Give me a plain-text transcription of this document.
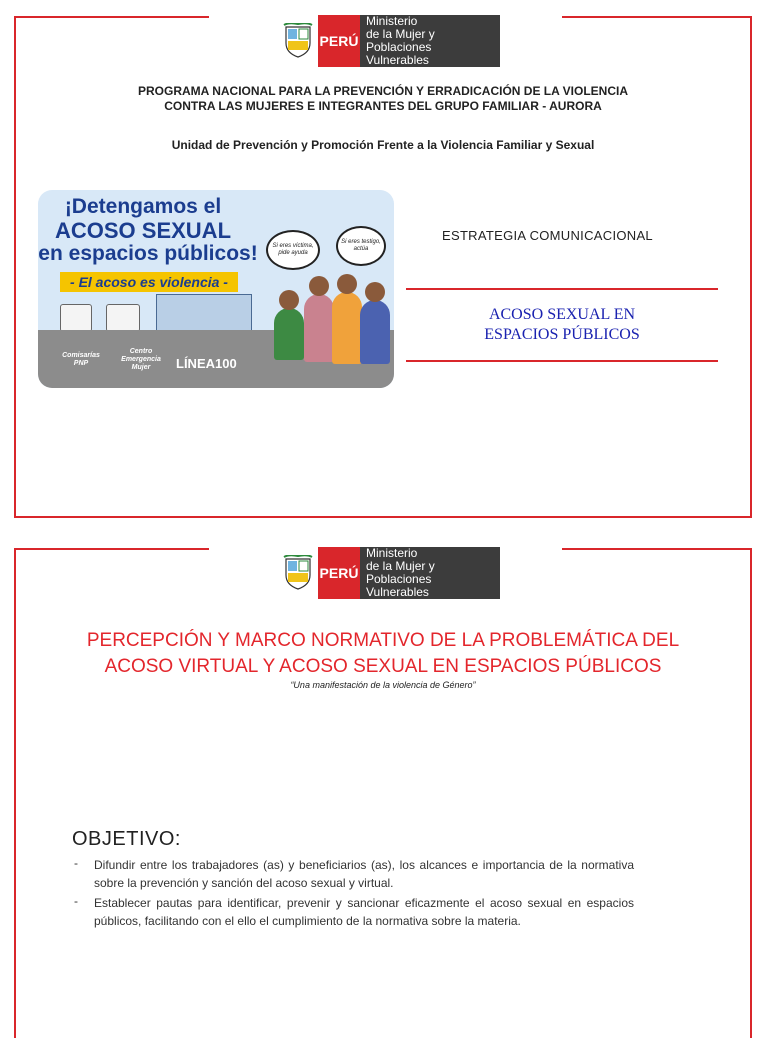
PERÚ
Ministerio
de la Mujer y
Poblaciones Vulnerables
PROGRAMA NACIONAL PARA LA PREVENCIÓN Y ERRADICACIÓN DE LA VIOLENCIA
CONTRA LAS MUJERES E INTEGRANTES DEL GRUPO FAMILIAR - AURORA
Unidad de Prevención y Promoción Frente a la Violencia Familiar y Sexual
¡Detengamos el
ACOSO SEXUAL
en espacios públicos!
- El acoso es violencia -
Si eres víctima, pide ayuda
Si eres testigo, actúa
Comisarías PNP
Centro Emergencia Mujer	LÍNEA100
ESTRATEGIA COMUNICACIONAL
ACOSO SEXUAL EN
ESPACIOS PÚBLICOS
PERÚ
Ministerio
de la Mujer y
Poblaciones Vulnerables
PERCEPCIÓN Y MARCO NORMATIVO DE LA PROBLEMÁTICA DEL
ACOSO VIRTUAL Y ACOSO SEXUAL EN ESPACIOS PÚBLICOS
“Una manifestación de la violencia de Género”
OBJETIVO:
- Difundir entre los trabajadores (as) y beneficiarios (as), los alcances e importancia de la normativa sobre la prevención y sanción del acoso sexual y virtual.
- Establecer pautas para identificar, prevenir y sancionar eficazmente el acoso sexual en espacios públicos, facilitando con el ello el cumplimiento de la normativa sobre la materia.
